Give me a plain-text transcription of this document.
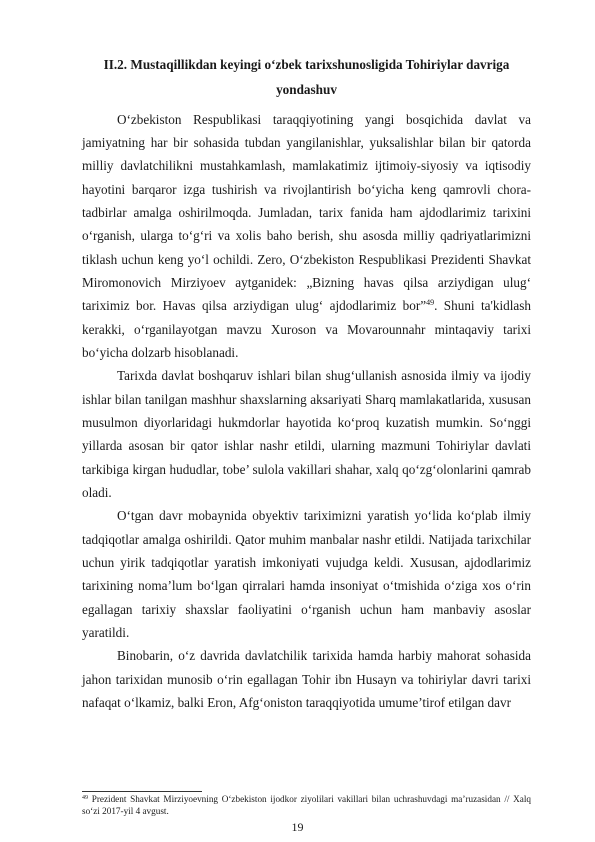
II.2. Mustaqillikdan keyingi o‘zbek tarixshunosligida Tohiriylar davriga
yondashuv

O‘zbekiston Respublikasi taraqqiyotining yangi bosqichida davlat va jamiyatning har bir sohasida tubdan yangilanishlar, yuksalishlar bilan bir qatorda milliy davlatchilikni mustahkamlash, mamlakatimiz ijtimoiy-siyosiy va iqtisodiy hayotini barqaror izga tushirish va rivojlantirish bo‘yicha keng qamrovli chora-tadbirlar amalga oshirilmoqda. Jumladan, tarix fanida ham ajdodlarimiz tarixini o‘rganish, ularga to‘g‘ri va xolis baho berish, shu asosda milliy qadriyatlarimizni tiklash uchun keng yo‘l ochildi. Zero, O‘zbekiston Respublikasi Prezidenti Shavkat Miromonovich Mirziyoev aytganidek: „Bizning havas qilsa arziydigan ulug‘ tariximiz bor. Havas qilsa arziydigan ulug‘ ajdodlarimiz bor”$^{49}$. Shuni ta'kidlash kerakki, o‘rganilayotgan mavzu Xuroson va Movarounnahr mintaqaviy tarixi bo‘yicha dolzarb hisoblanadi.

Tarixda davlat boshqaruv ishlari bilan shug‘ullanish asnosida ilmiy va ijodiy ishlar bilan tanilgan mashhur shaxslarning aksariyati Sharq mamlakatlarida, xususan musulmon diyorlaridagi hukmdorlar hayotida ko‘proq kuzatish mumkin. So‘nggi yillarda asosan bir qator ishlar nashr etildi, ularning mazmuni Tohiriylar davlati tarkibiga kirgan hududlar, tobe’ sulola vakillari shahar, xalq qo‘zg‘olonlarini qamrab oladi.

O‘tgan davr mobaynida obyektiv tariximizni yaratish yo‘lida ko‘plab ilmiy tadqiqotlar amalga oshirildi. Qator muhim manbalar nashr etildi. Natijada tarixchilar uchun yirik tadqiqotlar yaratish imkoniyati vujudga keldi. Xususan, ajdodlarimiz tarixining noma’lum bo‘lgan qirralari hamda insoniyat o‘tmishida o‘ziga xos o‘rin egallagan tarixiy shaxslar faoliyatini o‘rganish uchun ham manbaviy asoslar yaratildi.

Binobarin, o‘z davrida davlatchilik tarixida hamda harbiy mahorat sohasida jahon tarixidan munosib o‘rin egallagan Tohir ibn Husayn va tohiriylar davri tarixi nafaqat o‘lkamiz, balki Eron, Afg‘oniston taraqqiyotida umume’tirof etilgan davr

$^{49}$ Prezident Shavkat Mirziyoevning O‘zbekiston ijodkor ziyolilari vakillari bilan uchrashuvdagi ma’ruzasidan // Xalq so‘zi 2017-yil 4 avgust.

19
